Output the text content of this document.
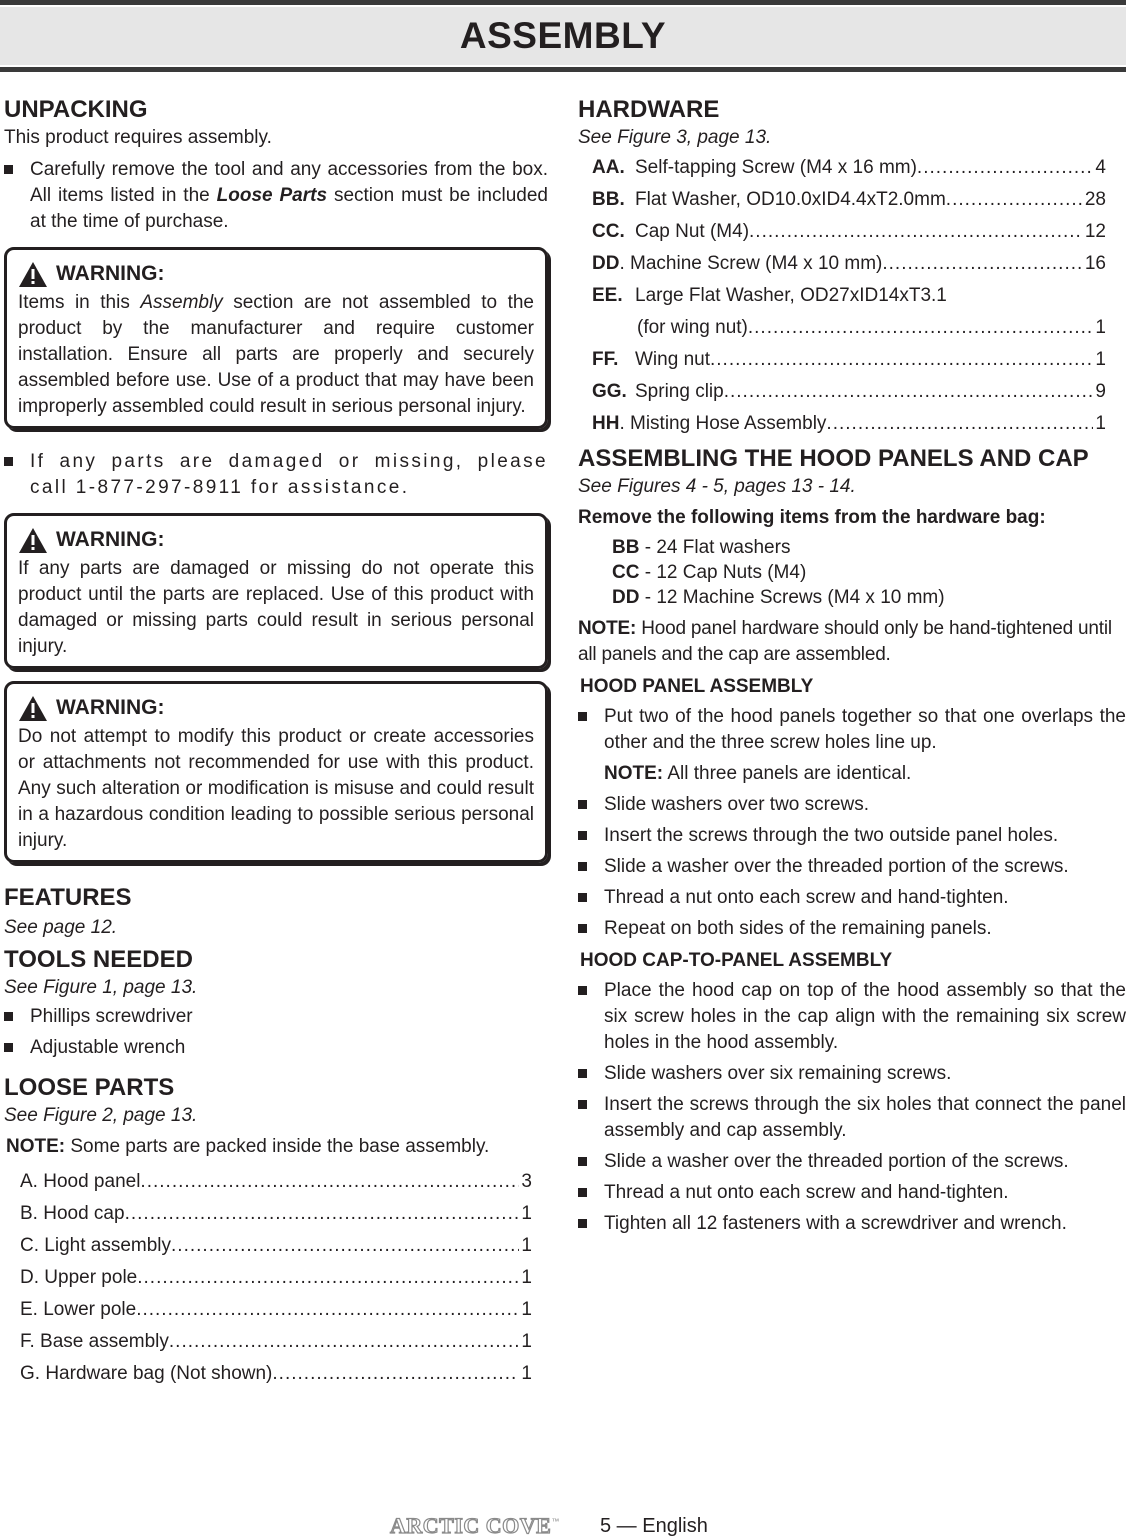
ASSEMBLY
UNPACKING

This product requires assembly.

Carefully remove the tool and any accessories from the box. All items listed in the Loose Parts section must be included at the time of purchase.
WARNING:

Items in this Assembly section are not assembled to the product by the manufacturer and require customer installation. Ensure all parts are properly and securely assembled before use. Use of a product that may have been improperly assembled could result in serious personal injury.

If any parts are damaged or missing, please call 1-877-297-8911 for assistance.
WARNING:

If any parts are damaged or missing do not operate this product until the parts are replaced. Use of this product with damaged or missing parts could result in serious personal injury.

WARNING:

Do not attempt to modify this product or create accessories or attachments not recommended for use with this product. Any such alteration or modification is misuse and could result in a hazardous condition leading to possible serious personal injury.

FEATURES

See page 12.

TOOLS NEEDED

See Figure 1, page 13.

Phillips screwdriver
Adjustable wrench
LOOSE PARTS

See Figure 2, page 13.

NOTE: Some parts are packed inside the base assembly.

A. Hood panel .....	3
B. Hood cap .....	1
C. Light assembly .....	1
D. Upper pole .....	1
E. Lower pole .....	1
F. Base assembly .....	1
G. Hardware bag (Not shown) .....	1
HARDWARE

See Figure 3, page 13.

AA. Self-tapping Screw (M4 x 16 mm) .....	4
BB. Flat Washer, OD10.0xID4.4xT2.0mm .....	28
CC. Cap Nut (M4) .....	12
DD . Machine Screw (M4 x 10 mm) .....	16
EE. Large Flat Washer, OD27xID14xT3.1
(for wing nut) .....	1
FF. Wing nut .....	1
GG. Spring clip .....	9
HH . Misting Hose Assembly .....	1
ASSEMBLING THE HOOD PANELS AND CAP

See Figures 4 - 5, pages 13 - 14.

Remove the following items from the hardware bag:

BB - 24 Flat washers
CC - 12 Cap Nuts (M4)
DD - 12 Machine Screws (M4 x 10 mm)

NOTE: Hood panel hardware should only be hand-tightened until all panels and the cap are assembled.

HOOD PANEL ASSEMBLY
Put two of the hood panels together so that one overlaps the other and the three screw holes line up.
NOTE: All three panels are identical.
Slide washers over two screws.
Insert the screws through the two outside panel holes.
Slide a washer over the threaded portion of the screws.
Thread a nut onto each screw and hand-tighten.
Repeat on both sides of the remaining panels.
HOOD CAP-TO-PANEL ASSEMBLY
Place the hood cap on top of the hood assembly so that the six screw holes in the cap align with the remaining six screw holes in the hood assembly.
Slide washers over six remaining screws.
Insert the screws through the six holes that connect the panel assembly and cap assembly.
Slide a washer over the threaded portion of the screws.
Thread a nut onto each screw and hand-tighten.
Tighten all 12 fasteners with a screwdriver and wrench.
ARCTIC COVE ™ 5 — English
